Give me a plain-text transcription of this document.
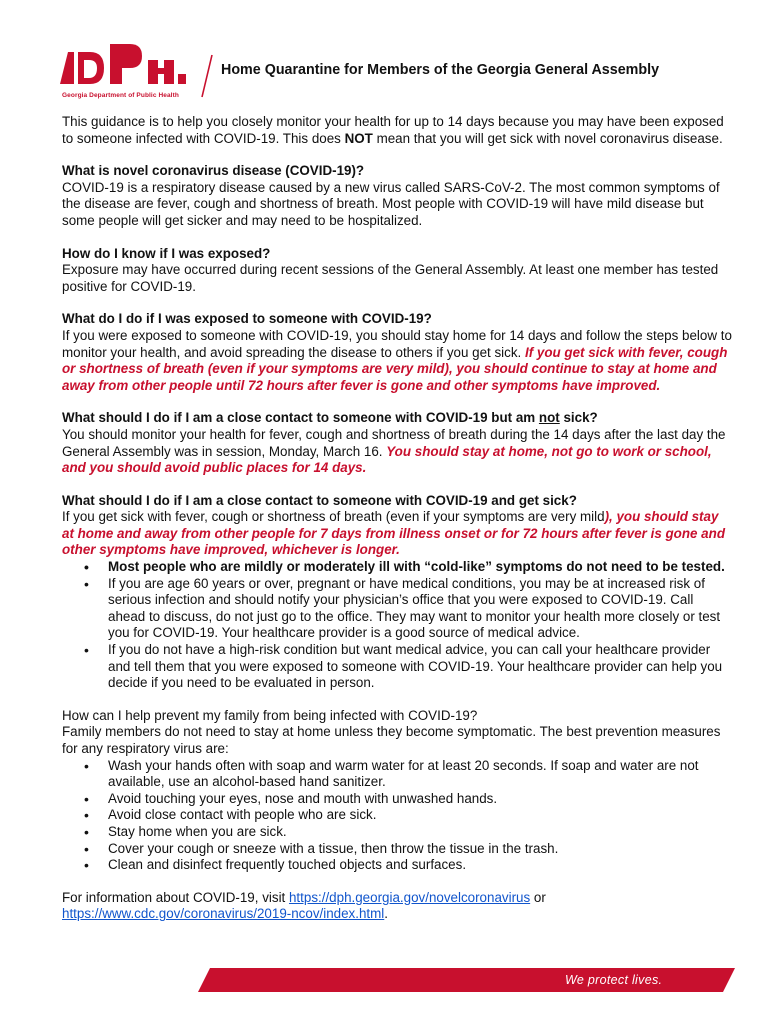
Georgia Department of Public Health
Home Quarantine for Members of the Georgia General Assembly

This guidance is to help you closely monitor your health for up to 14 days because you may have been exposed to someone infected with COVID-19. This does NOT mean that you will get sick with novel coronavirus disease.

What is novel coronavirus disease (COVID-19)?

COVID-19 is a respiratory disease caused by a new virus called SARS-CoV-2. The most common symptoms of the disease are fever, cough and shortness of breath. Most people with COVID-19 will have mild disease but some people will get sicker and may need to be hospitalized.

How do I know if I was exposed?

Exposure may have occurred during recent sessions of the General Assembly. At least one member has tested positive for COVID-19.

What do I do if I was exposed to someone with COVID-19?

If you were exposed to someone with COVID-19, you should stay home for 14 days and follow the steps below to monitor your health, and avoid spreading the disease to others if you get sick. If you get sick with fever, cough or shortness of breath (even if your symptoms are very mild), you should continue to stay at home and away from other people until 72 hours after fever is gone and other symptoms have improved.

What should I do if I am a close contact to someone with COVID-19 but am not sick?

You should monitor your health for fever, cough and shortness of breath during the 14 days after the last day the General Assembly was in session, Monday, March 16. You should stay at home, not go to work or school, and you should avoid public places for 14 days.

What should I do if I am a close contact to someone with COVID-19 and get sick?

If you get sick with fever, cough or shortness of breath (even if your symptoms are very mild), you should stay at home and away from other people for 7 days from illness onset or for 72 hours after fever is gone and other symptoms have improved, whichever is longer.

• Most people who are mildly or moderately ill with “cold-like” symptoms do not need to be tested.
• If you are age 60 years or over, pregnant or have medical conditions, you may be at increased risk of serious infection and should notify your physician’s office that you were exposed to COVID-19. Call ahead to discuss, do not just go to the office. They may want to monitor your health more closely or test you for COVID-19. Your healthcare provider is a good source of medical advice.
• If you do not have a high-risk condition but want medical advice, you can call your healthcare provider and tell them that you were exposed to someone with COVID-19. Your healthcare provider can help you decide if you need to be evaluated in person.

How can I help prevent my family from being infected with COVID-19?

Family members do not need to stay at home unless they become symptomatic. The best prevention measures for any respiratory virus are:

• Wash your hands often with soap and warm water for at least 20 seconds. If soap and water are not available, use an alcohol-based hand sanitizer.
• Avoid touching your eyes, nose and mouth with unwashed hands.
• Avoid close contact with people who are sick.
• Stay home when you are sick.
• Cover your cough or sneeze with a tissue, then throw the tissue in the trash.
• Clean and disinfect frequently touched objects and surfaces.

For information about COVID-19, visit https://dph.georgia.gov/novelcoronavirus or https://www.cdc.gov/coronavirus/2019-ncov/index.html.

We protect lives.
